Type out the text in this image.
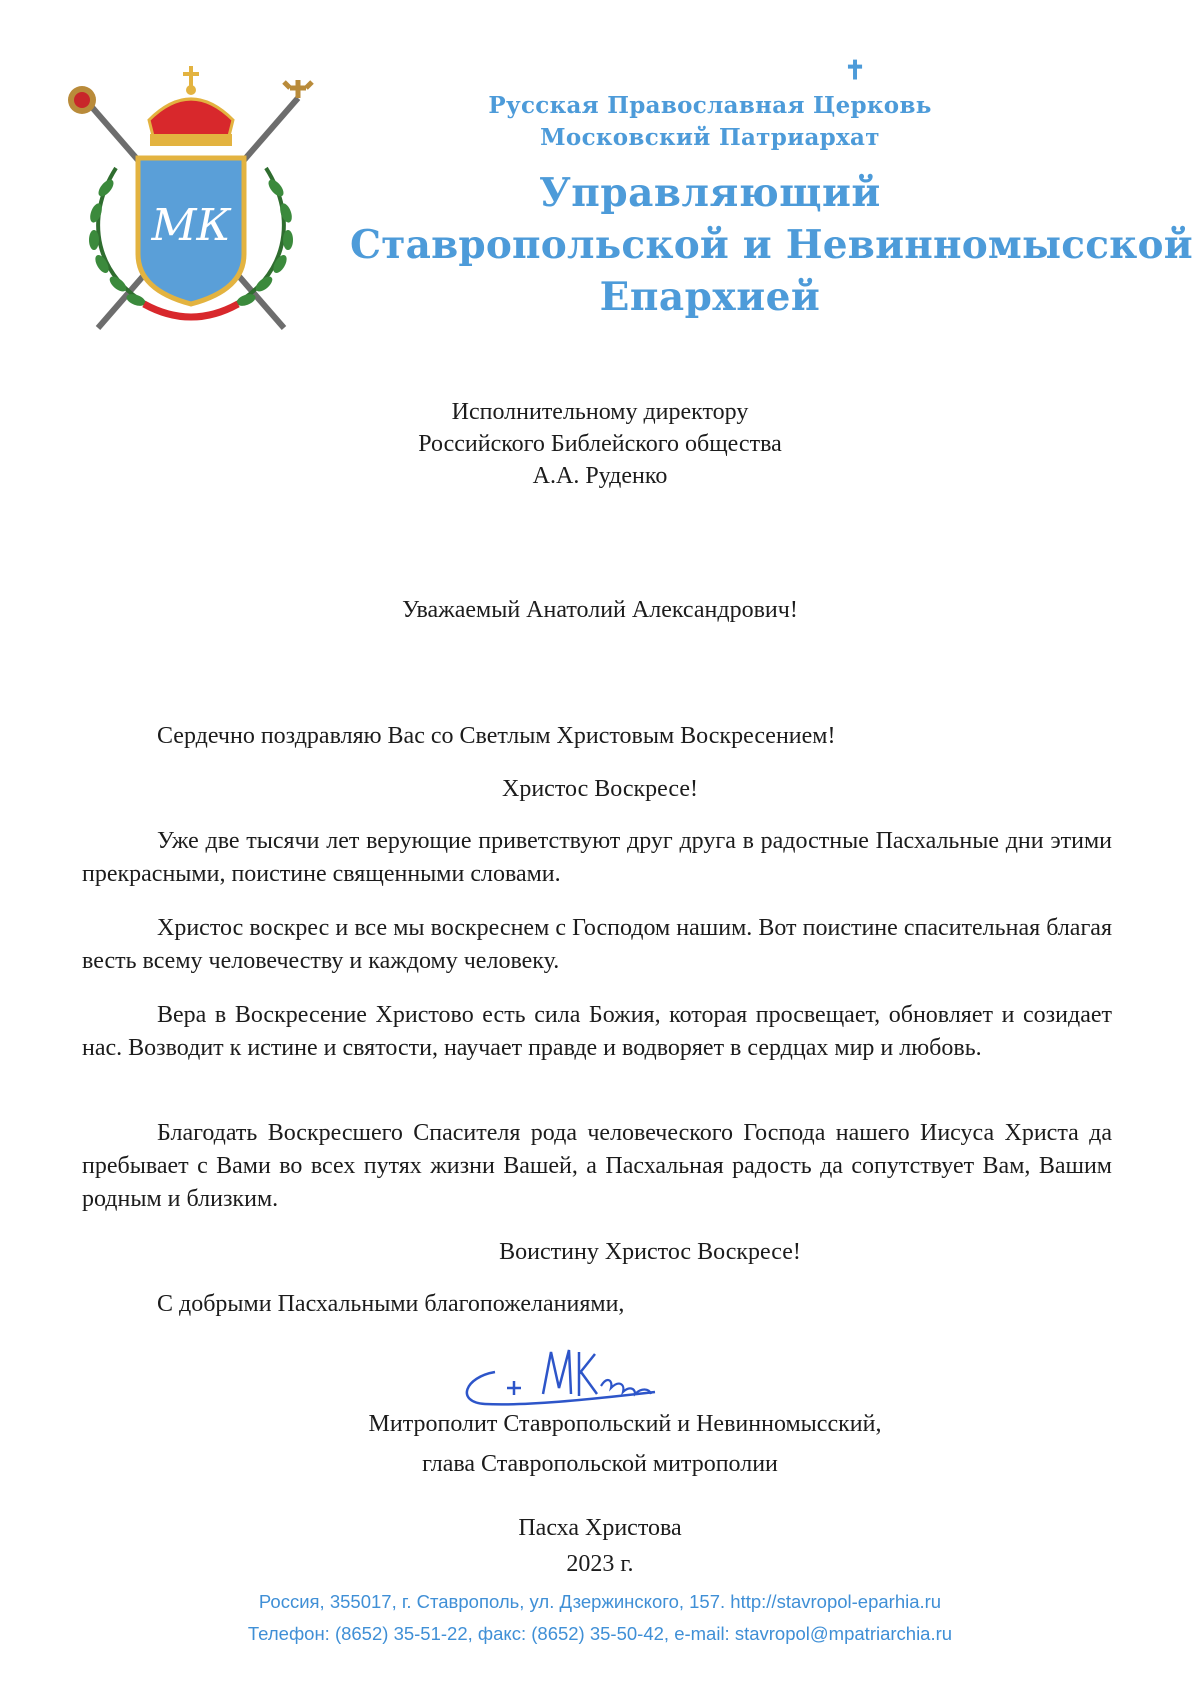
МК
✝
Русская Православная Церковь
Московский Патриархат
Управляющий
Ставропольской и Невинномысской
Епархией
Исполнительному директору
Российского Библейского общества
А.А. Руденко
Уважаемый Анатолий Александрович!
Сердечно поздравляю Вас со Светлым Христовым Воскресением!
Христос Воскресе!
Уже две тысячи лет верующие приветствуют друг друга в радостные Пасхальные дни этими прекрасными, поистине священными словами.
Христос воскрес и все мы воскреснем с Господом нашим. Вот поистине спасительная благая весть всему человечеству и каждому человеку.
Вера в Воскресение Христово есть сила Божия, которая просвещает, обновляет и созидает нас. Возводит к истине и святости, научает правде и водворяет в сердцах мир и любовь.
Благодать Воскресшего Спасителя рода человеческого Господа нашего Иисуса Христа да пребывает с Вами во всех путях жизни Вашей, а Пасхальная радость да сопутствует Вам, Вашим родным и близким.
Воистину Христос Воскресе!
С добрыми Пасхальными благопожеланиями,
Митрополит Ставропольский и Невинномысский,
глава Ставропольской митрополии
Пасха Христова
2023 г.
Россия, 355017, г. Ставрополь, ул. Дзержинского, 157. http://stavropol-eparhia.ru
Телефон: (8652) 35-51-22, факс: (8652) 35-50-42, e-mail: stavropol@mpatriarchia.ru
